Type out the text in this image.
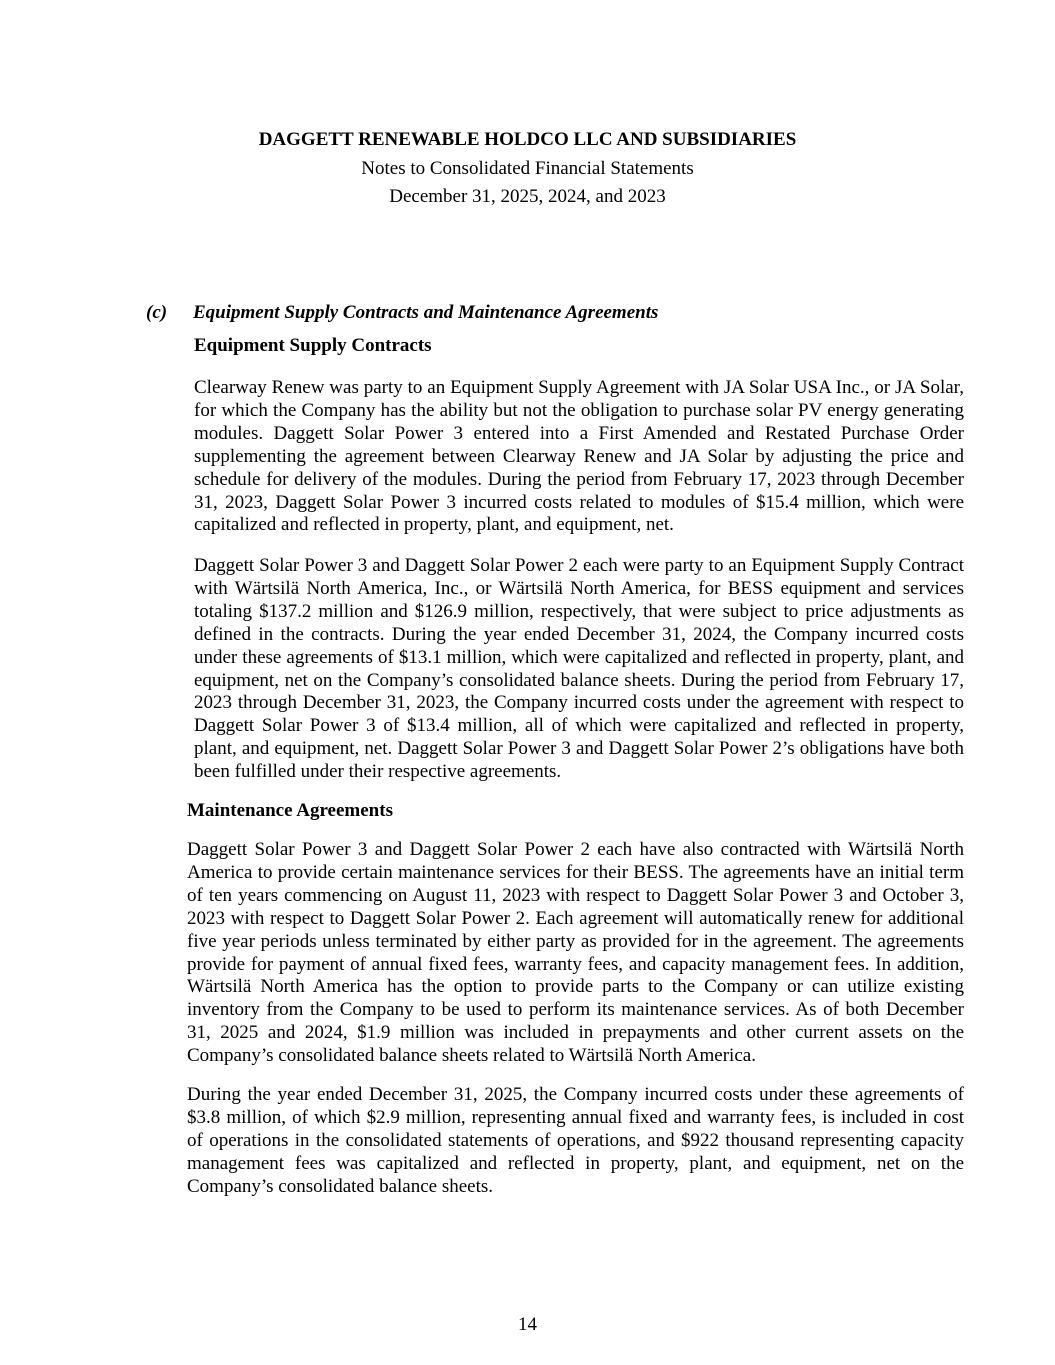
DAGGETT RENEWABLE HOLDCO LLC AND SUBSIDIARIES
Notes to Consolidated Financial Statements
December 31, 2025, 2024, and 2023
(c) Equipment Supply Contracts and Maintenance Agreements
Equipment Supply Contracts

Clearway Renew was party to an Equipment Supply Agreement with JA Solar USA Inc., or JA Solar, for which the Company has the ability but not the obligation to purchase solar PV energy generating modules. Daggett Solar Power 3 entered into a First Amended and Restated Purchase Order supplementing the agreement between Clearway Renew and JA Solar by adjusting the price and schedule for delivery of the modules. During the period from February 17, 2023 through December 31, 2023, Daggett Solar Power 3 incurred costs related to modules of $15.4 million, which were capitalized and reflected in property, plant, and equipment, net.

Daggett Solar Power 3 and Daggett Solar Power 2 each were party to an Equipment Supply Contract with Wärtsilä North America, Inc., or Wärtsilä North America, for BESS equipment and services totaling $137.2 million and $126.9 million, respectively, that were subject to price adjustments as defined in the contracts. During the year ended December 31, 2024, the Company incurred costs under these agreements of $13.1 million, which were capitalized and reflected in property, plant, and equipment, net on the Company’s consolidated balance sheets. During the period from February 17, 2023 through December 31, 2023, the Company incurred costs under the agreement with respect to Daggett Solar Power 3 of $13.4 million, all of which were capitalized and reflected in property, plant, and equipment, net. Daggett Solar Power 3 and Daggett Solar Power 2’s obligations have both been fulfilled under their respective agreements.

Maintenance Agreements

Daggett Solar Power 3 and Daggett Solar Power 2 each have also contracted with Wärtsilä North America to provide certain maintenance services for their BESS. The agreements have an initial term of ten years commencing on August 11, 2023 with respect to Daggett Solar Power 3 and October 3, 2023 with respect to Daggett Solar Power 2. Each agreement will automatically renew for additional five year periods unless terminated by either party as provided for in the agreement. The agreements provide for payment of annual fixed fees, warranty fees, and capacity management fees. In addition, Wärtsilä North America has the option to provide parts to the Company or can utilize existing inventory from the Company to be used to perform its maintenance services. As of both December 31, 2025 and 2024, $1.9 million was included in prepayments and other current assets on the Company’s consolidated balance sheets related to Wärtsilä North America.

During the year ended December 31, 2025, the Company incurred costs under these agreements of $3.8 million, of which $2.9 million, representing annual fixed and warranty fees, is included in cost of operations in the consolidated statements of operations, and $922 thousand representing capacity management fees was capitalized and reflected in property, plant, and equipment, net on the Company’s consolidated balance sheets.

14
